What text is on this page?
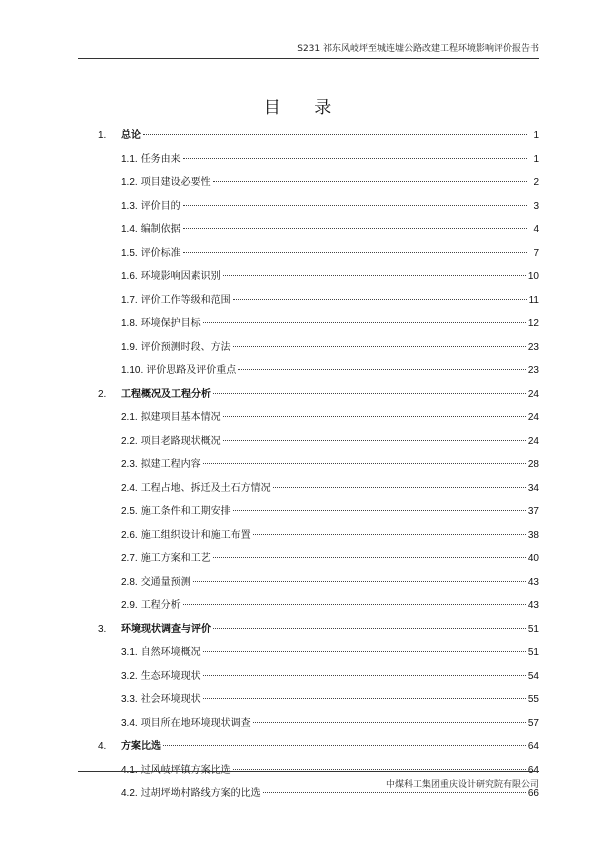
S231 祁东风岐坪至城连墟公路改建工程环境影响评价报告书
目 录
1.	总论	1
1.1. 任务由来	1
1.2. 项目建设必要性	2
1.3. 评价目的	3
1.4. 编制依据	4
1.5. 评价标准	7
1.6. 环境影响因素识别	10
1.7. 评价工作等级和范围	11
1.8. 环境保护目标	12
1.9. 评价预测时段、方法	23
1.10. 评价思路及评价重点	23
2.	工程概况及工程分析	24
2.1. 拟建项目基本情况	24
2.2. 项目老路现状概况	24
2.3. 拟建工程内容	28
2.4. 工程占地、拆迁及土石方情况	34
2.5. 施工条件和工期安排	37
2.6. 施工组织设计和施工布置	38
2.7. 施工方案和工艺	40
2.8. 交通量预测	43
2.9. 工程分析	43
3.	环境现状调查与评价	51
3.1. 自然环境概况	51
3.2. 生态环境现状	54
3.3. 社会环境现状	55
3.4. 项目所在地环境现状调查	57
4.	方案比选	64
4.1. 过风岐坪镇方案比选	64
4.2. 过胡坪坳村路线方案的比选	66
中煤科工集团重庆设计研究院有限公司
